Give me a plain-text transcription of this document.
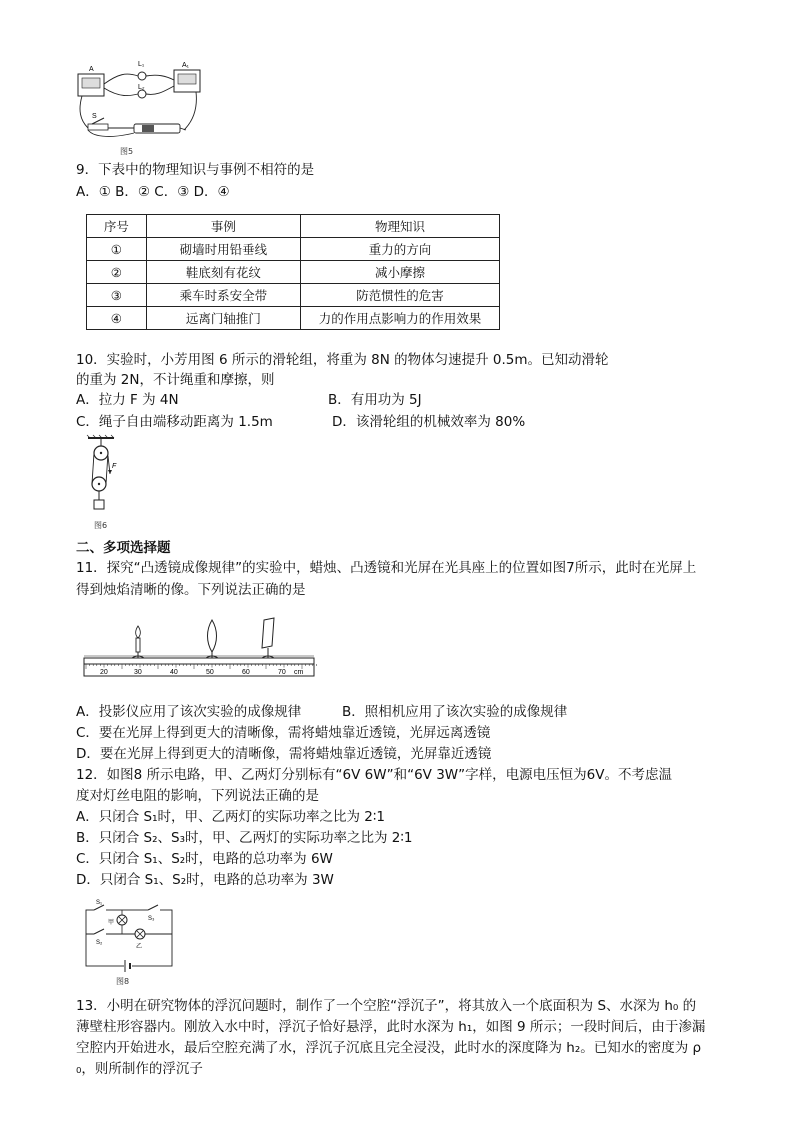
A
A₁
L₁
L₂
S
图5
9．下表中的物理知识与事例不相符的是
A．① B．② C．③ D．④
序号	事例	物理知识
①	砌墙时用铅垂线	重力的方向
②	鞋底刻有花纹	减小摩擦
③	乘车时系安全带	防范惯性的危害
④	远离门轴推门	力的作用点影响力的作用效果
10．实验时，小芳用图 6 所示的滑轮组，将重为 8N 的物体匀速提升 0.5m。已知动滑轮
的重为 2N，不计绳重和摩擦，则
A．拉力 F 为 4N	B．有用功为 5J
C．绳子自由端移动距离为 1.5m	D．该滑轮组的机械效率为 80%
F
图6
二、多项选择题
11．探究“凸透镜成像规律”的实验中，蜡烛、凸透镜和光屏在光具座上的位置如图7所示，此时在光屏上
得到烛焰清晰的像。下列说法正确的是
20	30	40	50	60	70 cm
A．投影仪应用了该次实验的成像规律	B．照相机应用了该次实验的成像规律
C．要在光屏上得到更大的清晰像，需将蜡烛靠近透镜，光屏远离透镜
D．要在光屏上得到更大的清晰像，需将蜡烛靠近透镜，光屏靠近透镜
12．如图8 所示电路，甲、乙两灯分别标有“6V 6W”和“6V 3W”字样，电源电压恒为6V。不考虑温
度对灯丝电阻的影响，下列说法正确的是
A．只闭合 S₁时，甲、乙两灯的实际功率之比为 2∶1
B．只闭合 S₂、S₃时，甲、乙两灯的实际功率之比为 2∶1
C．只闭合 S₁、S₂时，电路的总功率为 6W
D．只闭合 S₁、S₂时，电路的总功率为 3W
S₁
甲
S₃
S₂
乙
图8
13．小明在研究物体的浮沉问题时，制作了一个空腔“浮沉子”，将其放入一个底面积为 S、水深为 h₀ 的
薄壁柱形容器内。刚放入水中时，浮沉子恰好悬浮，此时水深为 h₁，如图 9 所示；一段时间后，由于渗漏
空腔内开始进水，最后空腔充满了水，浮沉子沉底且完全浸没，此时水的深度降为 h₂。已知水的密度为 ρ
₀，则所制作的浮沉子
